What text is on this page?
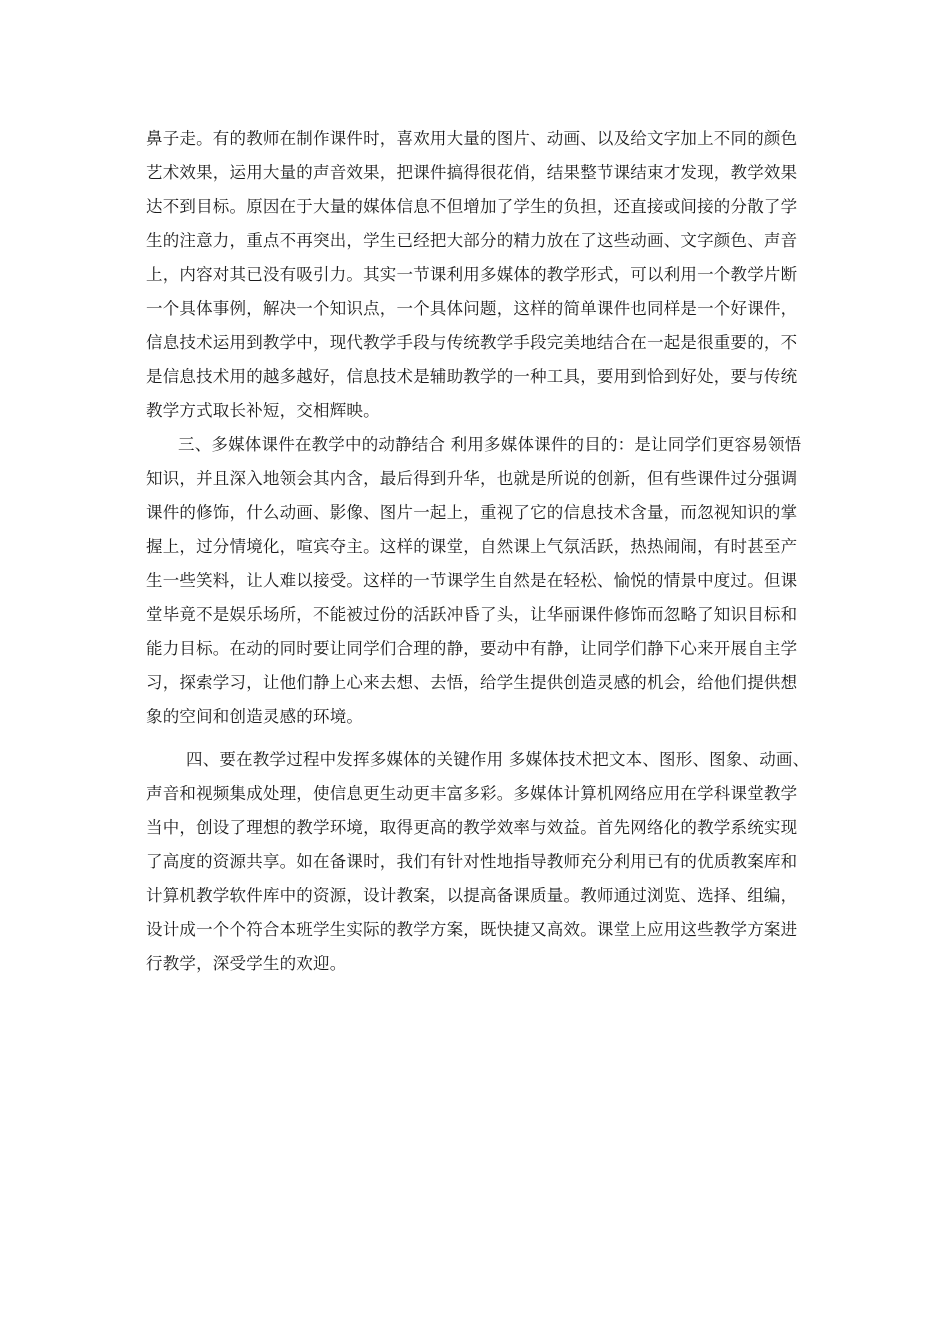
鼻子走。有的教师在制作课件时，喜欢用大量的图片、动画、以及给文字加上不同的颜色
艺术效果，运用大量的声音效果，把课件搞得很花俏，结果整节课结束才发现，教学效果
达不到目标。原因在于大量的媒体信息不但增加了学生的负担，还直接或间接的分散了学
生的注意力，重点不再突出，学生已经把大部分的精力放在了这些动画、文字颜色、声音
上，内容对其已没有吸引力。其实一节课利用多媒体的教学形式，可以利用一个教学片断
一个具体事例，解决一个知识点，一个具体问题，这样的简单课件也同样是一个好课件，
信息技术运用到教学中，现代教学手段与传统教学手段完美地结合在一起是很重要的，不
是信息技术用的越多越好，信息技术是辅助教学的一种工具，要用到恰到好处，要与传统
教学方式取长补短，交相辉映。
三、多媒体课件在教学中的动静结合 利用多媒体课件的目的：是让同学们更容易领悟
知识，并且深入地领会其内含，最后得到升华，也就是所说的创新，但有些课件过分强调
课件的修饰，什么动画、影像、图片一起上，重视了它的信息技术含量，而忽视知识的掌
握上，过分情境化，喧宾夺主。这样的课堂，自然课上气氛活跃，热热闹闹，有时甚至产
生一些笑料，让人难以接受。这样的一节课学生自然是在轻松、愉悦的情景中度过。但课
堂毕竟不是娱乐场所，不能被过份的活跃冲昏了头，让华丽课件修饰而忽略了知识目标和
能力目标。在动的同时要让同学们合理的静，要动中有静，让同学们静下心来开展自主学
习，探索学习，让他们静上心来去想、去悟，给学生提供创造灵感的机会，给他们提供想
象的空间和创造灵感的环境。
四、要在教学过程中发挥多媒体的关键作用 多媒体技术把文本、图形、图象、动画、
声音和视频集成处理，使信息更生动更丰富多彩。多媒体计算机网络应用在学科课堂教学
当中，创设了理想的教学环境，取得更高的教学效率与效益。首先网络化的教学系统实现
了高度的资源共享。如在备课时，我们有针对性地指导教师充分利用已有的优质教案库和
计算机教学软件库中的资源，设计教案，以提高备课质量。教师通过浏览、选择、组编，
设计成一个个符合本班学生实际的教学方案，既快捷又高效。课堂上应用这些教学方案进
行教学，深受学生的欢迎。
